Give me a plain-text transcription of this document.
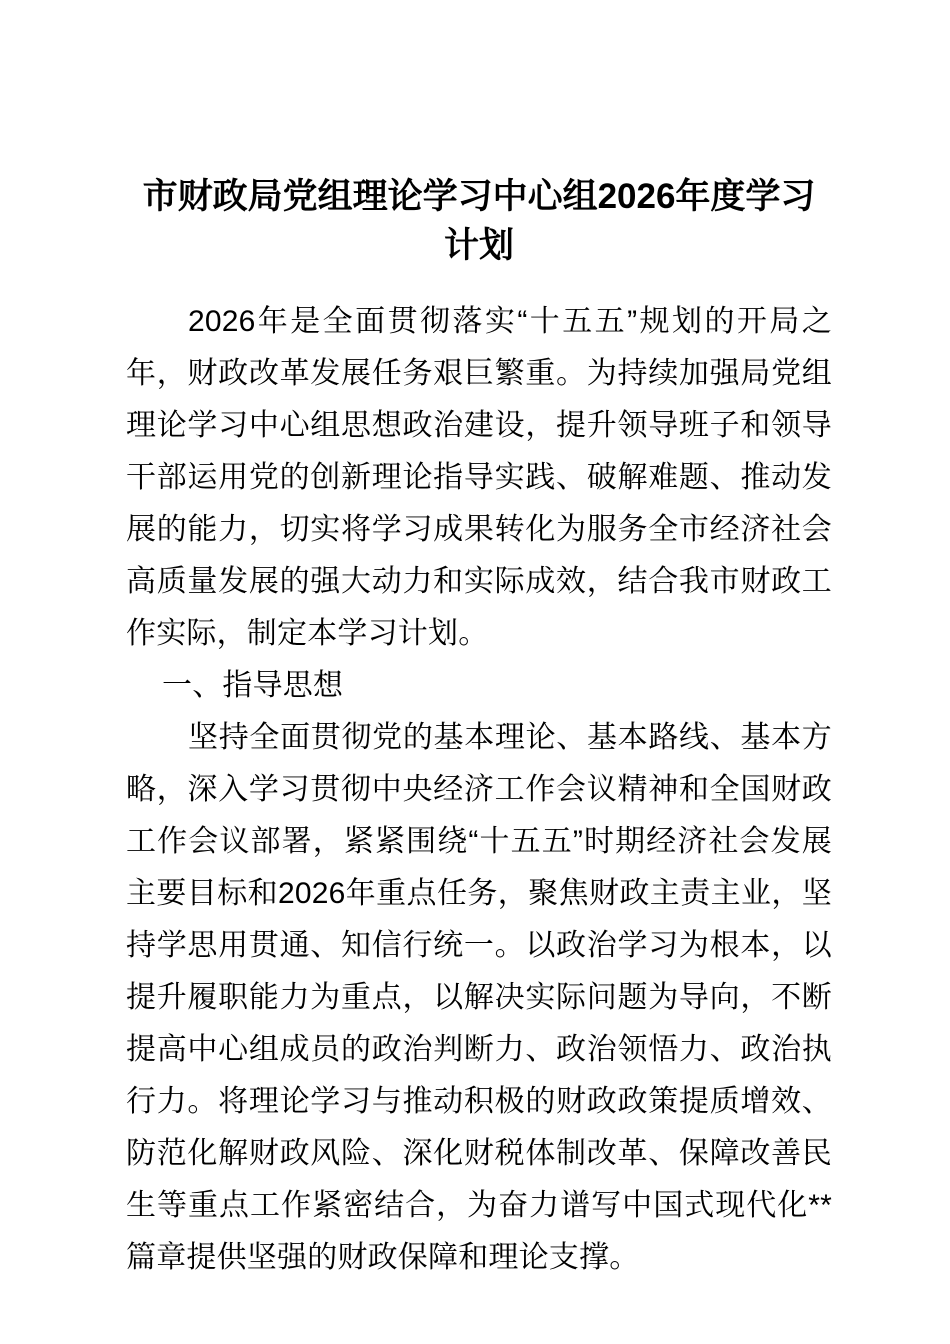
市财政局党组理论学习中心组2026年度学习计划

2026年是全面贯彻落实“十五五”规划的开局之年，财政改革发展任务艰巨繁重。为持续加强局党组理论学习中心组思想政治建设，提升领导班子和领导干部运用党的创新理论指导实践、破解难题、推动发展的能力，切实将学习成果转化为服务全市经济社会高质量发展的强大动力和实际成效，结合我市财政工作实际，制定本学习计划。

一、指导思想

坚持全面贯彻党的基本理论、基本路线、基本方略，深入学习贯彻中央经济工作会议精神和全国财政工作会议部署，紧紧围绕“十五五”时期经济社会发展主要目标和2026年重点任务，聚焦财政主责主业，坚持学思用贯通、知信行统一。以政治学习为根本，以提升履职能力为重点，以解决实际问题为导向，不断提高中心组成员的政治判断力、政治领悟力、政治执行力。将理论学习与推动积极的财政政策提质增效、防范化解财政风险、深化财税体制改革、保障改善民生等重点工作紧密结合，为奋力谱写中国式现代化**篇章提供坚强的财政保障和理论支撑。
